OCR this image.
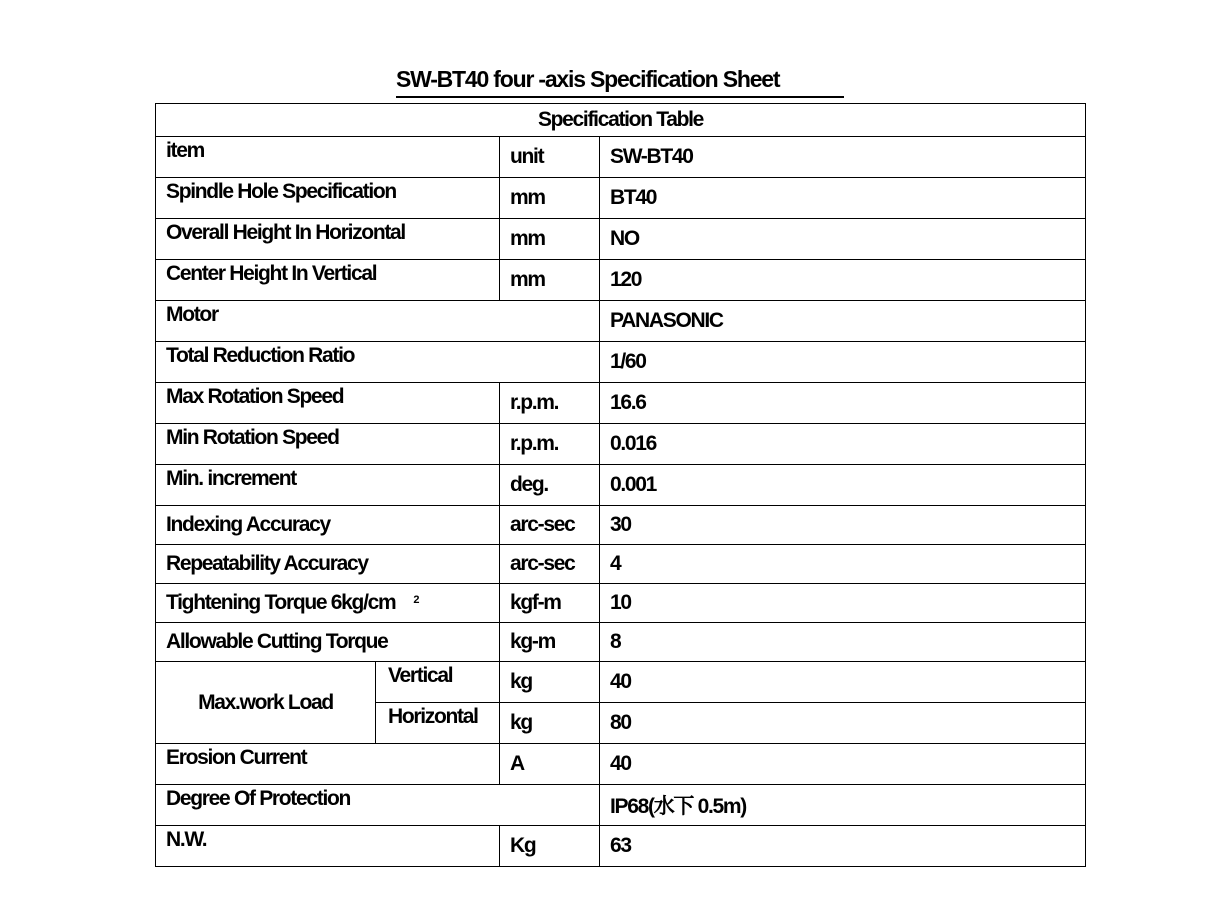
SW-BT40 four -axis Specification Sheet
Specification Table			
item		unit	SW-BT40
Spindle Hole Specification		mm	BT40
Overall Height In Horizontal		mm	NO
Center Height In Vertical		mm	120
Motor			PANASONIC
Total Reduction Ratio			1/60
Max Rotation Speed		r.p.m.	16.6
Min Rotation Speed		r.p.m.	0.016
Min. increment		deg.	0.001
Indexing Accuracy		arc-sec	30
Repeatability Accuracy		arc-sec	4
Tightening Torque 6kg/cm $^2$		kgf-m	10
Allowable Cutting Torque		kg-m	8
Max.work Load	Vertical	kg	40
	Horizontal	kg	80
Erosion Current		A	40
Degree Of Protection			IP68(水下 0.5m)
N.W.		Kg	63
